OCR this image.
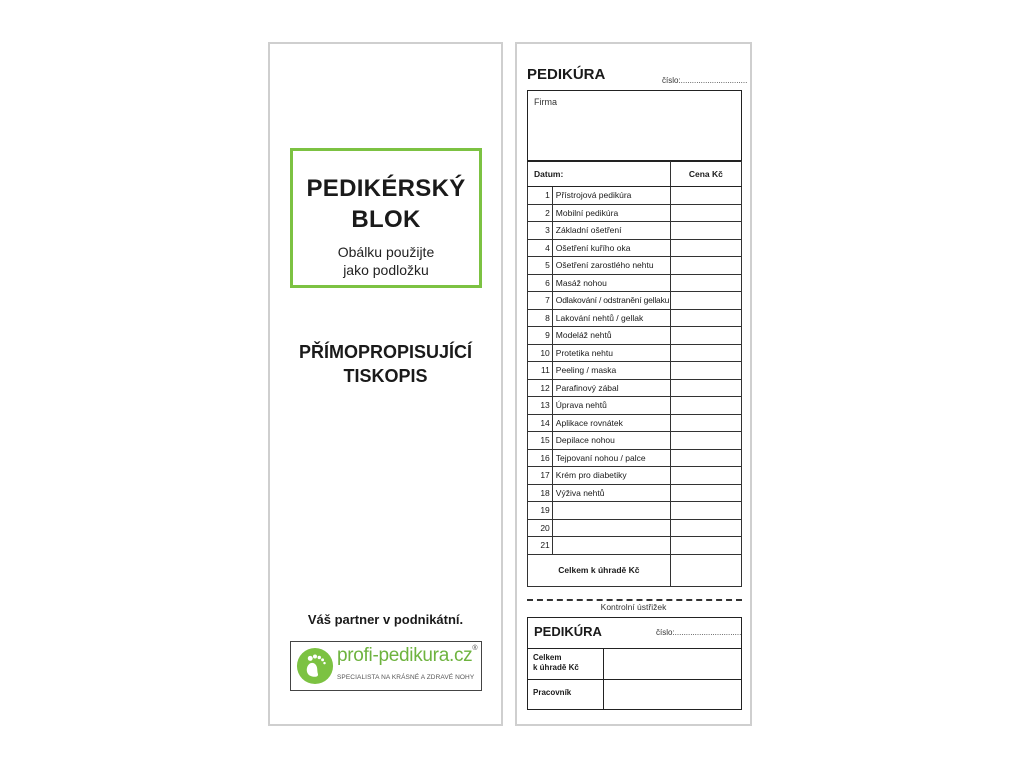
PEDIKÉRSKÝ
BLOK
Obálku použijte
jako podložku
PŘÍMOPROPISUJÍCÍ
TISKOPIS
Váš partner v podnikátní.
profi-pedikura.cz®
SPECIALISTA NA KRÁSNÉ A ZDRAVÉ NOHY
PEDIKÚRA	číslo:..............................
Firma
Datum:		Cena Kč
1	Přístrojová pedikúra	
2	Mobilní pedikúra	
3	Základní ošetření	
4	Ošetření kuřího oka	
5	Ošetření zarostlého nehtu	
6	Masáž nohou	
7	Odlakování / odstranění gellaku	
8	Lakování nehtů / gellak	
9	Modeláž nehtů	
10	Protetika nehtu	
11	Peeling / maska	
12	Parafinový zábal	
13	Úprava nehtů	
14	Aplikace rovnátek	
15	Depilace nohou	
16	Tejpovaní nohou / palce	
17	Krém pro diabetiky	
18	Výživa nehtů	
19		
20		
21		
Celkem k úhradě Kč		
Kontrolní ústřižek
PEDIKÚRA	číslo:..............................
Celkem
k úhradě Kč
Pracovník
